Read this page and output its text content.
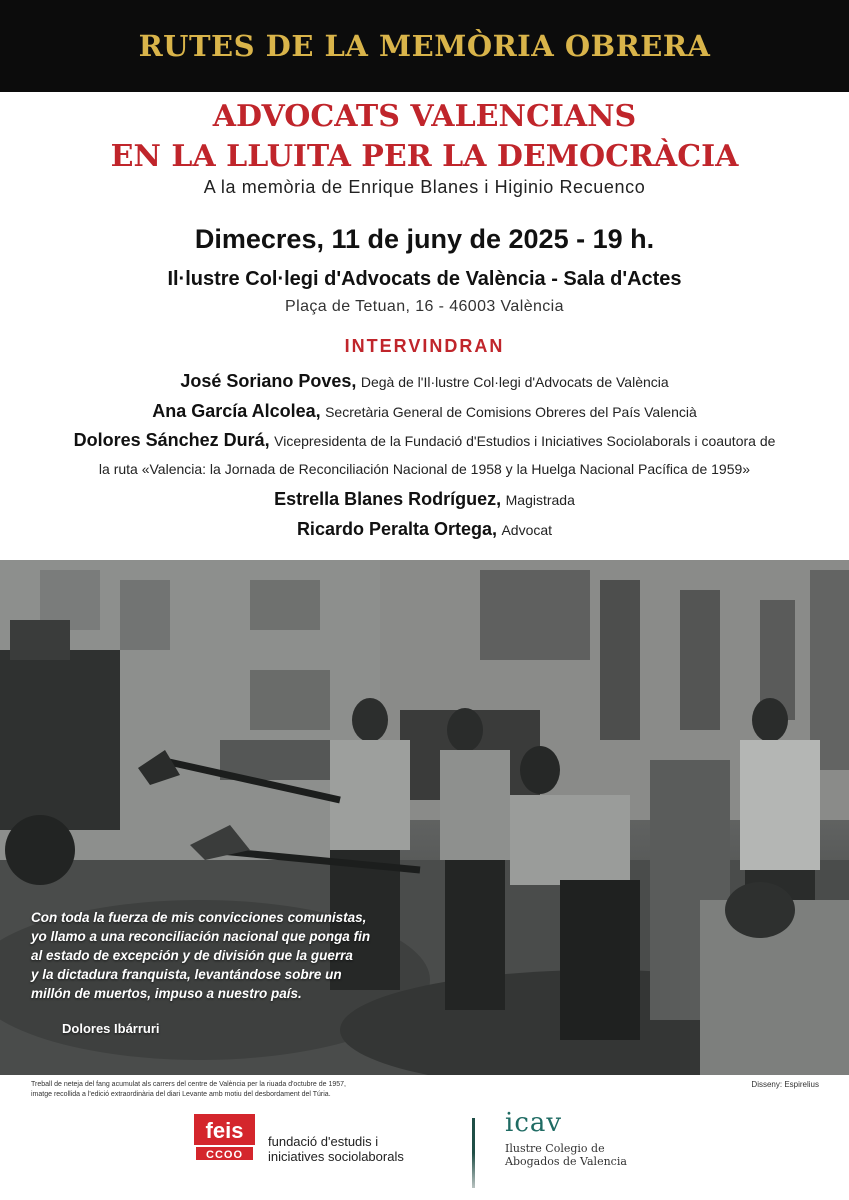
RUTES DE LA MEMÒRIA OBRERA
ADVOCATS VALENCIANS
EN LA LLUITA PER LA DEMOCRÀCIA
A la memòria de Enrique Blanes i Higinio Recuenco
Dimecres, 11 de juny de 2025 - 19 h.
Il·lustre Col·legi d'Advocats de València - Sala d'Actes
Plaça de Tetuan, 16 - 46003 València
INTERVINDRAN
José Soriano Poves, Degà de l'Il·lustre Col·legi d'Advocats de València
Ana García Alcolea, Secretària General de Comisions Obreres del País Valencià
Dolores Sánchez Durá, Vicepresidenta de la Fundació d'Estudios i Iniciatives Sociolaborals i coautora de
la ruta «Valencia: la Jornada de Reconciliación Nacional de 1958 y la Huelga Nacional Pacífica de 1959»
Estrella Blanes Rodríguez, Magistrada
Ricardo Peralta Ortega, Advocat
Con toda la fuerza de mis convicciones comunistas,
yo llamo a una reconciliación nacional que ponga fin
al estado de excepción y de división que la guerra
y la dictadura franquista, levantándose sobre un
millón de muertos, impuso a nuestro país.
Dolores Ibárruri
Treball de neteja del fang acumulat als carrers del centre de València per la riuada d'octubre de 1957,
imatge recollida a l'edició extraordinària del diari Levante amb motiu del desbordament del Túria.
Disseny: Espirelius
feis
CCOO
fundació d'estudis i
iniciatives sociolaborals
icav
Ilustre Colegio de
Abogados de Valencia
